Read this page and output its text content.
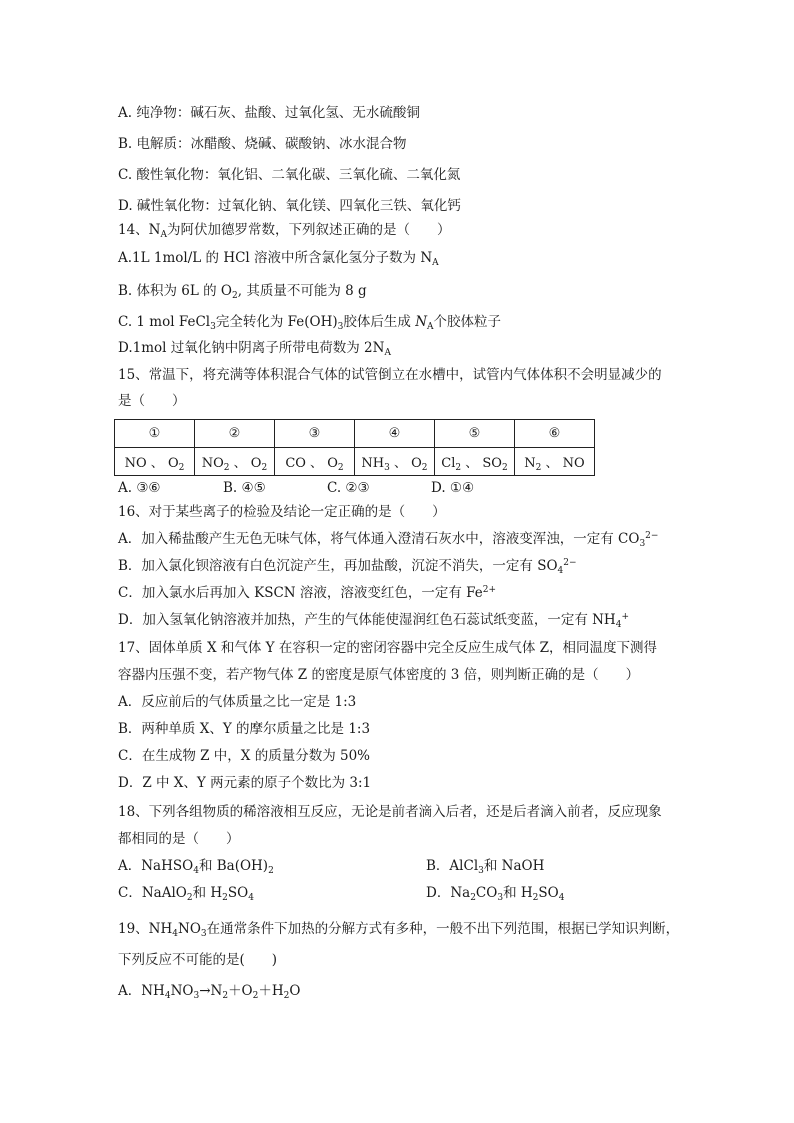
A. 纯净物：碱石灰、盐酸、过氧化氢、无水硫酸铜
B. 电解质：冰醋酸、烧碱、碳酸钠、冰水混合物
C. 酸性氧化物：氧化铝、二氧化碳、三氧化硫、二氧化氮
D. 碱性氧化物：过氧化钠、氧化镁、四氧化三铁、氧化钙
14、$N_A$为阿伏加德罗常数，下列叙述正确的是（　　）
A.1L 1mol/L 的 HCl 溶液中所含氯化氢分子数为 $N_A$
B. 体积为 6L 的 $O_2$, 其质量不可能为 8 g
C. 1 mol FeCl$_3$完全转化为 $Fe(OH)_3$胶体后生成 $N_A$个胶体粒子
D.1mol 过氧化钠中阴离子所带电荷数为 $2N_A$
15、常温下，将充满等体积混合气体的试管倒立在水槽中，试管内气体体积不会明显减少的
是（　　）
①	②	③	④	⑤	⑥
NO 、 $O_2$	$NO_2$ 、 $O_2$	CO 、 $O_2$	$NH_3$ 、 $O_2$	$Cl_2$ 、 $SO_2$	$N_2$ 、 NO
A. ③⑥	B. ④⑤	C. ②③	D. ①④
16、对于某些离子的检验及结论一定正确的是（　　）
A．加入稀盐酸产生无色无味气体，将气体通入澄清石灰水中，溶液变浑浊，一定有 $CO_3^{2-}$
B．加入氯化钡溶液有白色沉淀产生，再加盐酸，沉淀不消失，一定有 $SO_4^{2-}$
C．加入氯水后再加入 KSCN 溶液，溶液变红色，一定有 $Fe^{2+}$
D．加入氢氧化钠溶液并加热，产生的气体能使湿润红色石蕊试纸变蓝，一定有 $NH_4^+$
17、固体单质 X 和气体 Y 在容积一定的密闭容器中完全反应生成气体 Z，相同温度下测得
容器内压强不变，若产物气体 Z 的密度是原气体密度的 3 倍，则判断正确的是（　　）
A．反应前后的气体质量之比一定是 1:3
B．两种单质 X、Y 的摩尔质量之比是 1:3
C．在生成物 Z 中，X 的质量分数为 50%
D．Z 中 X、Y 两元素的原子个数比为 3:1
18、下列各组物质的稀溶液相互反应，无论是前者滴入后者，还是后者滴入前者，反应现象
都相同的是（　　）
A．NaHSO$_4$和 $Ba(OH)_2$	B．AlCl$_3$和 NaOH
C．NaAlO$_2$和 $H_2SO_4$	D．$Na_2CO_3$和 $H_2SO_4$
19、$NH_4NO_3$在通常条件下加热的分解方式有多种，一般不出下列范围，根据已学知识判断，
下列反应不可能的是(　　)
A．$NH_4NO_3\to N_2+O_2+H_2O$
